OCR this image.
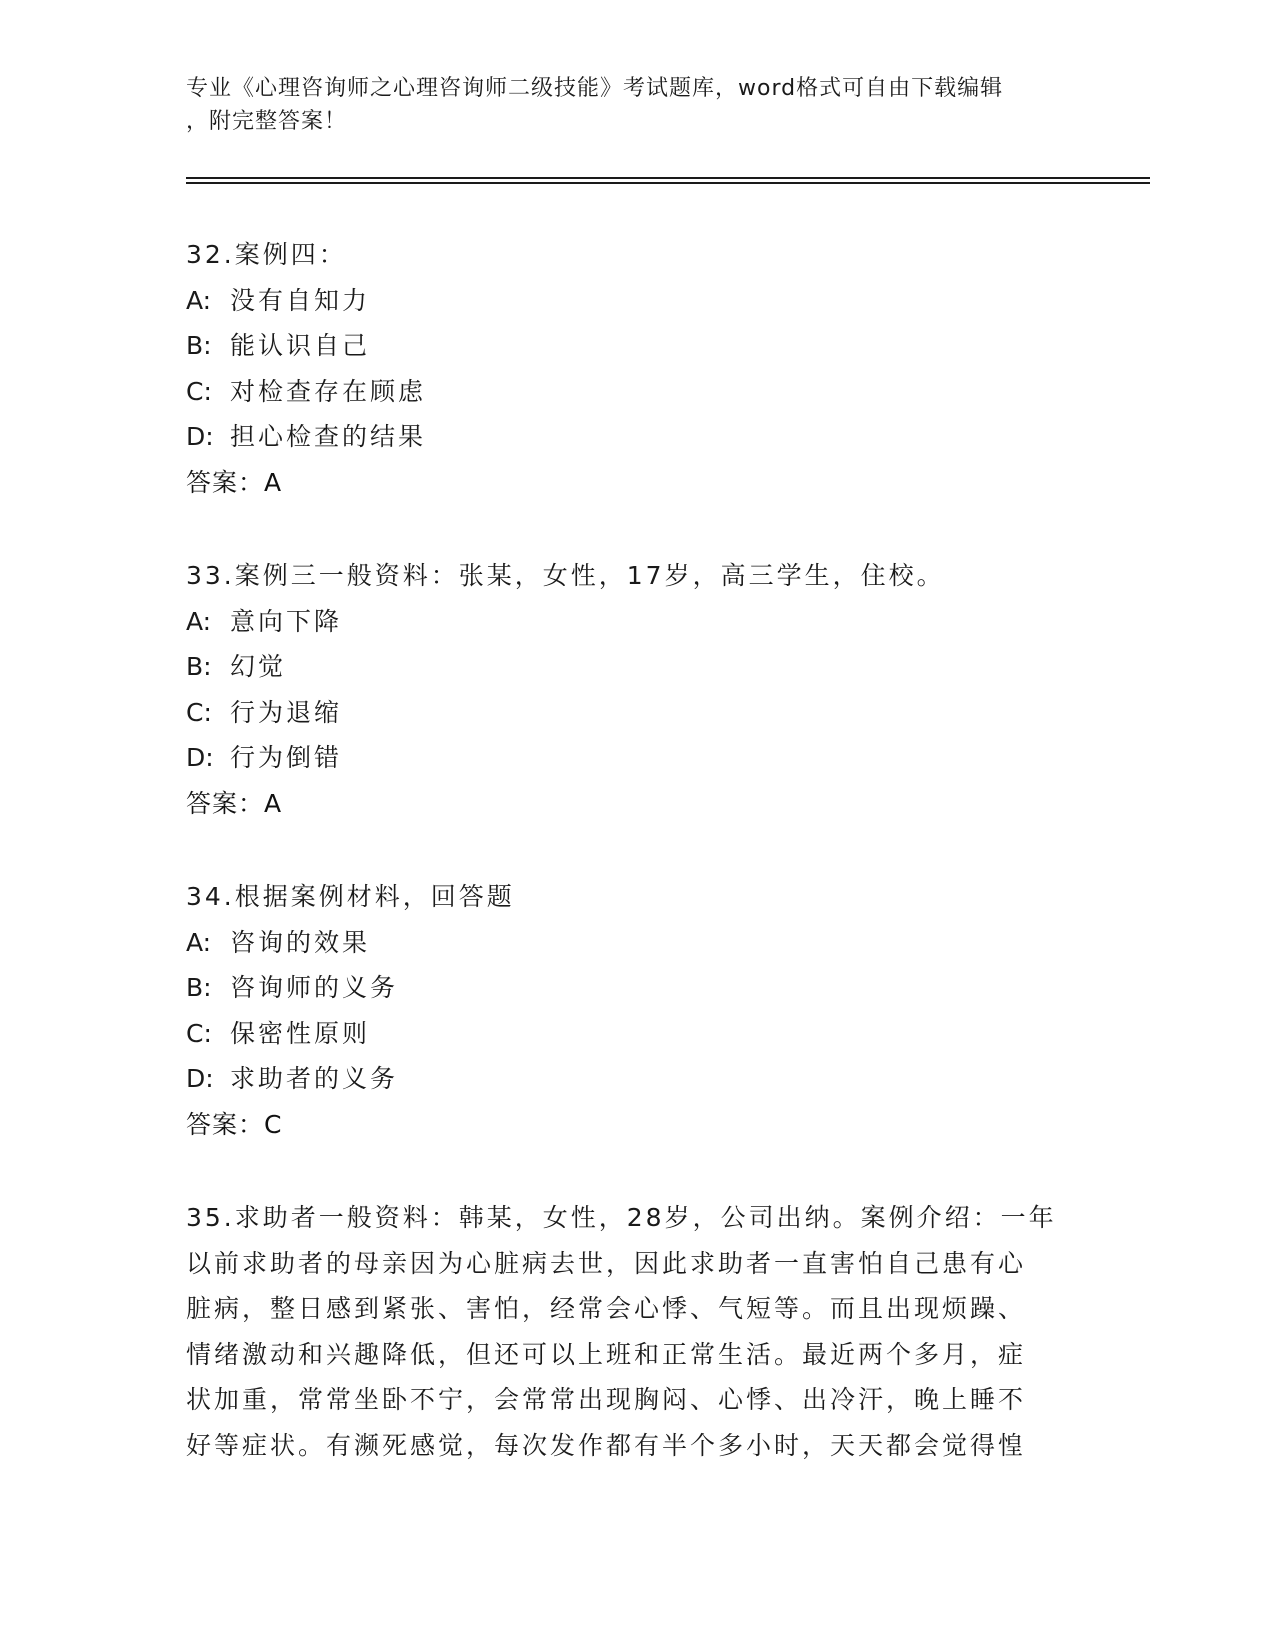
专业《心理咨询师之心理咨询师二级技能》考试题库，word格式可自由下载编辑
，附完整答案！
32.案例四：
A: 没有自知力
B: 能认识自己
C: 对检查存在顾虑
D: 担心检查的结果
答案：A
33.案例三一般资料：张某，女性，17岁，高三学生，住校。
A: 意向下降
B: 幻觉
C: 行为退缩
D: 行为倒错
答案：A
34.根据案例材料，回答题
A: 咨询的效果
B: 咨询师的义务
C: 保密性原则
D: 求助者的义务
答案：C
35.求助者一般资料：韩某，女性，28岁，公司出纳。案例介绍：一年
以前求助者的母亲因为心脏病去世，因此求助者一直害怕自己患有心
脏病，整日感到紧张、害怕，经常会心悸、气短等。而且出现烦躁、
情绪激动和兴趣降低，但还可以上班和正常生活。最近两个多月，症
状加重，常常坐卧不宁，会常常出现胸闷、心悸、出冷汗，晚上睡不
好等症状。有濒死感觉，每次发作都有半个多小时，天天都会觉得惶
